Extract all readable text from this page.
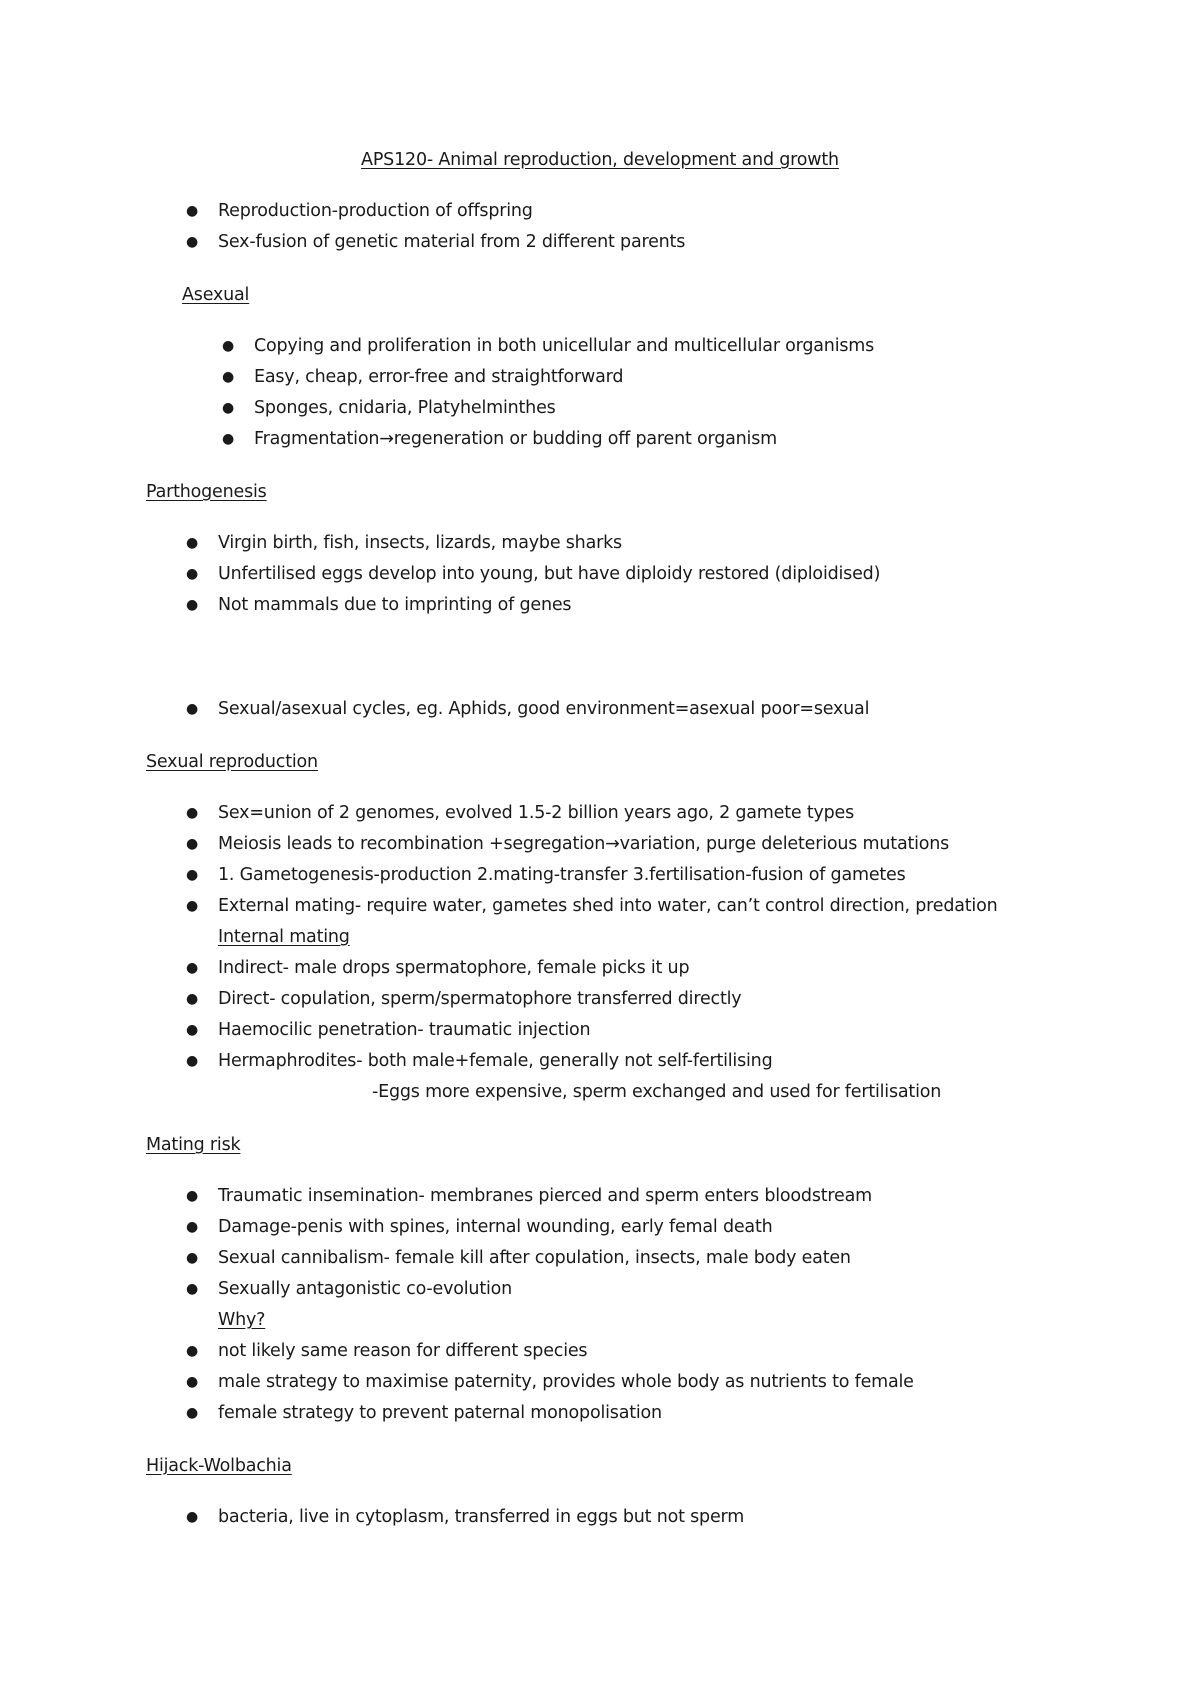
APS120- Animal reproduction, development and growth
● Reproduction-production of offspring
● Sex-fusion of genetic material from 2 different parents
Asexual
● Copying and proliferation in both unicellular and multicellular organisms
● Easy, cheap, error-free and straightforward
● Sponges, cnidaria, Platyhelminthes
● Fragmentation→regeneration or budding off parent organism
Parthogenesis
● Virgin birth, fish, insects, lizards, maybe sharks
● Unfertilised eggs develop into young, but have diploidy restored (diploidised)
● Not mammals due to imprinting of genes
● Sexual/asexual cycles, eg. Aphids, good environment=asexual poor=sexual
Sexual reproduction
● Sex=union of 2 genomes, evolved 1.5-2 billion years ago, 2 gamete types
● Meiosis leads to recombination +segregation→variation, purge deleterious mutations
● 1. Gametogenesis-production 2.mating-transfer 3.fertilisation-fusion of gametes
● External mating- require water, gametes shed into water, can’t control direction, predation
Internal mating
● Indirect- male drops spermatophore, female picks it up
● Direct- copulation, sperm/spermatophore transferred directly
● Haemocilic penetration- traumatic injection
● Hermaphrodites- both male+female, generally not self-fertilising
-Eggs more expensive, sperm exchanged and used for fertilisation
Mating risk
● Traumatic insemination- membranes pierced and sperm enters bloodstream
● Damage-penis with spines, internal wounding, early femal death
● Sexual cannibalism- female kill after copulation, insects, male body eaten
● Sexually antagonistic co-evolution
Why?
● not likely same reason for different species
● male strategy to maximise paternity, provides whole body as nutrients to female
● female strategy to prevent paternal monopolisation
Hijack-Wolbachia
● bacteria, live in cytoplasm, transferred in eggs but not sperm
